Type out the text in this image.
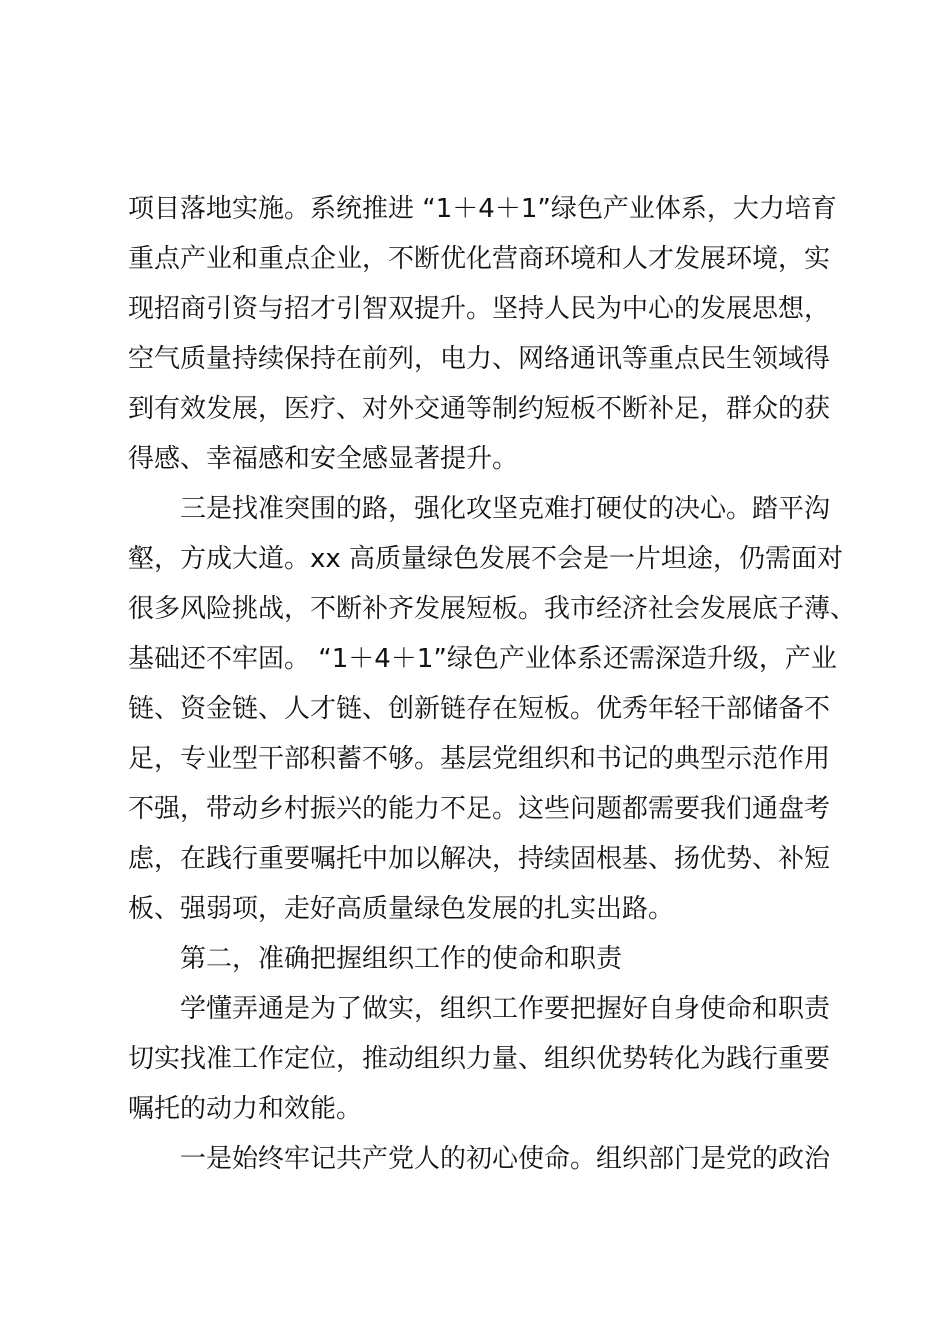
项目落地实施。系统推进 “1＋4＋1”绿色产业体系，大力培育
重点产业和重点企业，不断优化营商环境和人才发展环境，实
现招商引资与招才引智双提升。坚持人民为中心的发展思想，
空气质量持续保持在前列，电力、网络通讯等重点民生领域得
到有效发展，医疗、对外交通等制约短板不断补足，群众的获
得感、幸福感和安全感显著提升。

三是找准突围的路，强化攻坚克难打硬仗的决心。踏平沟
壑，方成大道。xx 高质量绿色发展不会是一片坦途，仍需面对
很多风险挑战，不断补齐发展短板。我市经济社会发展底子薄、
基础还不牢固。 “1＋4＋1”绿色产业体系还需深造升级，产业
链、资金链、人才链、创新链存在短板。优秀年轻干部储备不
足，专业型干部积蓄不够。基层党组织和书记的典型示范作用
不强，带动乡村振兴的能力不足。这些问题都需要我们通盘考
虑，在践行重要嘱托中加以解决，持续固根基、扬优势、补短
板、强弱项，走好高质量绿色发展的扎实出路。

第二，准确把握组织工作的使命和职责

学懂弄通是为了做实，组织工作要把握好自身使命和职责
切实找准工作定位，推动组织力量、组织优势转化为践行重要
嘱托的动力和效能。

一是始终牢记共产党人的初心使命。组织部门是党的政治
